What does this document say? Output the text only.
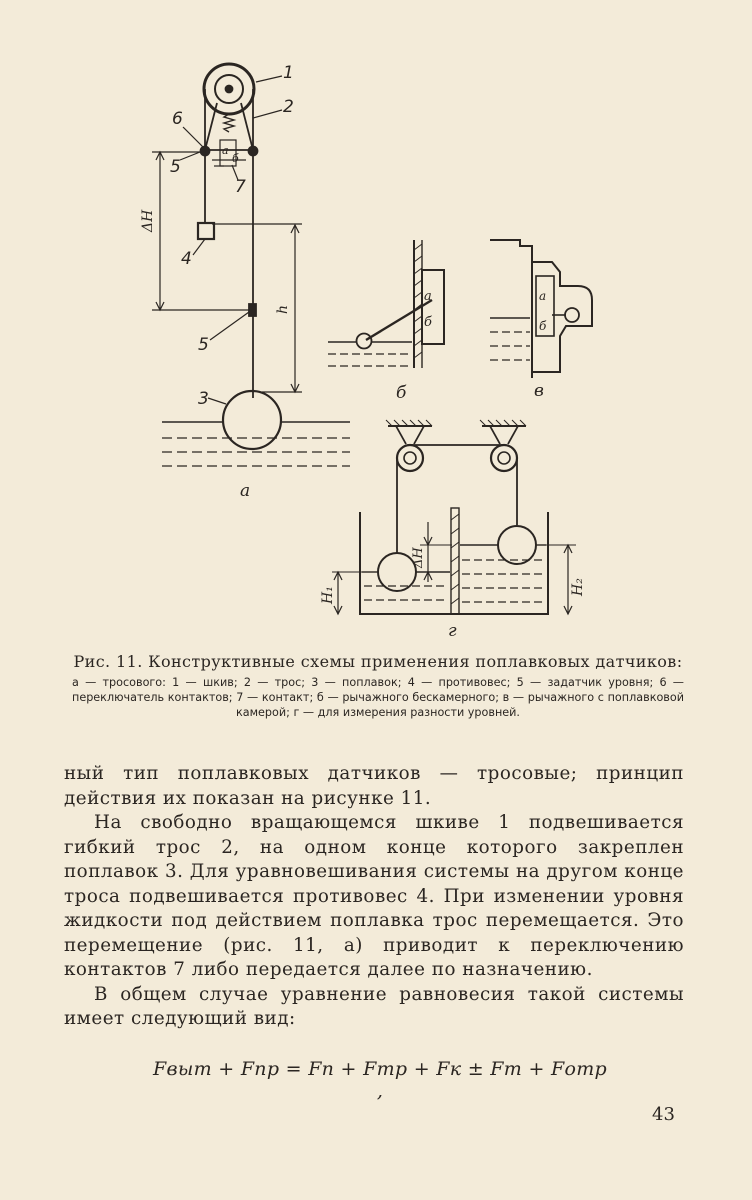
1
2
6
5
7
4
5
3
а
б
ΔH
h
а
а
б
б
а
б
в
H₁
ΔH
H₂
г

Рис. 11. Конструктивные схемы применения поплавковых датчиков:

а — тросового: 1 — шкив; 2 — трос; 3 — поплавок; 4 — противовес; 5 — задатчик уровня; 6 — переключатель контактов; 7 — контакт; б — рычажного бескамерного; в — рычажного с поплавковой камерой; г — для измерения разности уровней.

ный тип поплавковых датчиков — тросовые; принцип действия их показан на рисунке 11.

На свободно вращающемся шкиве 1 подвешивается гибкий трос 2, на одном конце которого закреплен поплавок 3. Для уравновешивания системы на другом конце троса подвешивается противовес 4. При изменении уровня жидкости под действием поплавка трос перемещается. Это перемещение (рис. 11, а) приводит к переключению контактов 7 либо передается далее по назначению.

В общем случае уравнение равновесия такой системы имеет следующий вид:

Fвыт + Fпр = Fп + Fтр + Fк ± Fт + Fотр ,
43
